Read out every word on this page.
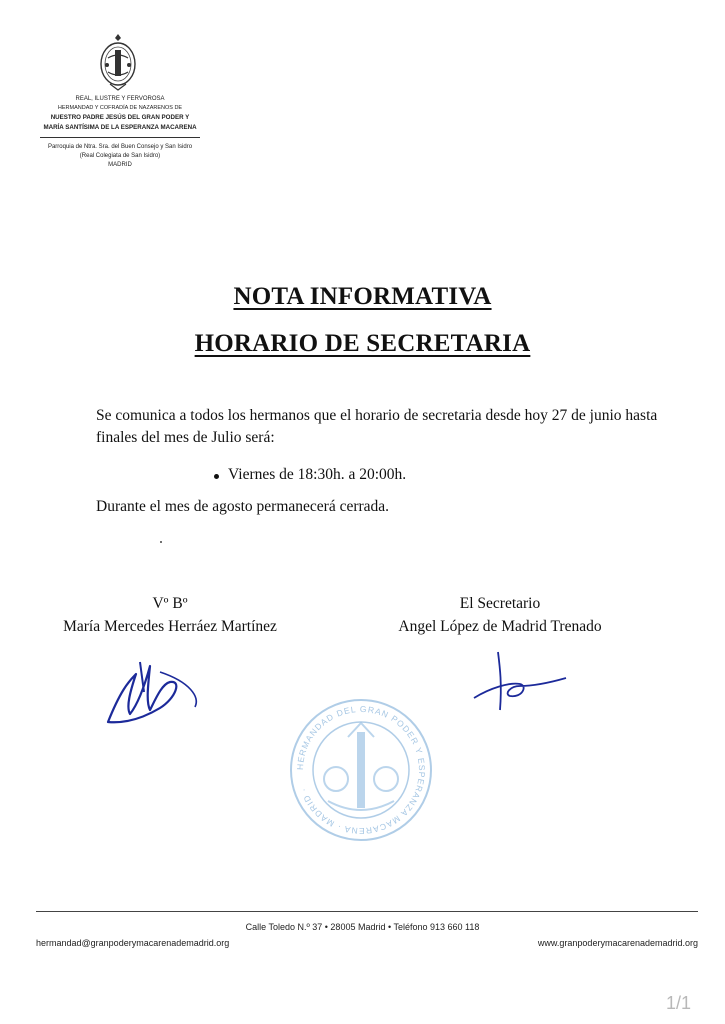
REAL, ILUSTRE Y FERVOROSA
HERMANDAD Y COFRADÍA DE NAZARENOS DE
NUESTRO PADRE JESÚS DEL GRAN PODER Y
MARÍA SANTÍSIMA DE LA ESPERANZA MACARENA
Parroquia de Ntra. Sra. del Buen Consejo y San Isidro
(Real Colegiata de San Isidro)
MADRID
NOTA INFORMATIVA
HORARIO DE SECRETARIA
Se comunica a todos los hermanos que el horario de secretaria desde hoy 27 de junio hasta finales del mes de Julio será:
Viernes de 18:30h. a 20:00h.
Durante el mes de agosto permanecerá cerrada.
Vº Bº
María Mercedes Herráez Martínez
El Secretario
Angel López de Madrid Trenado
HERMANDAD DEL GRAN PODER Y ESPERANZA MACARENA · MADRID ·
Calle Toledo N.º 37 • 28005 Madrid • Teléfono 913 660 118
hermandad@granpoderymacarenademadrid.org	www.granpoderymacarenademadrid.org
1/1
